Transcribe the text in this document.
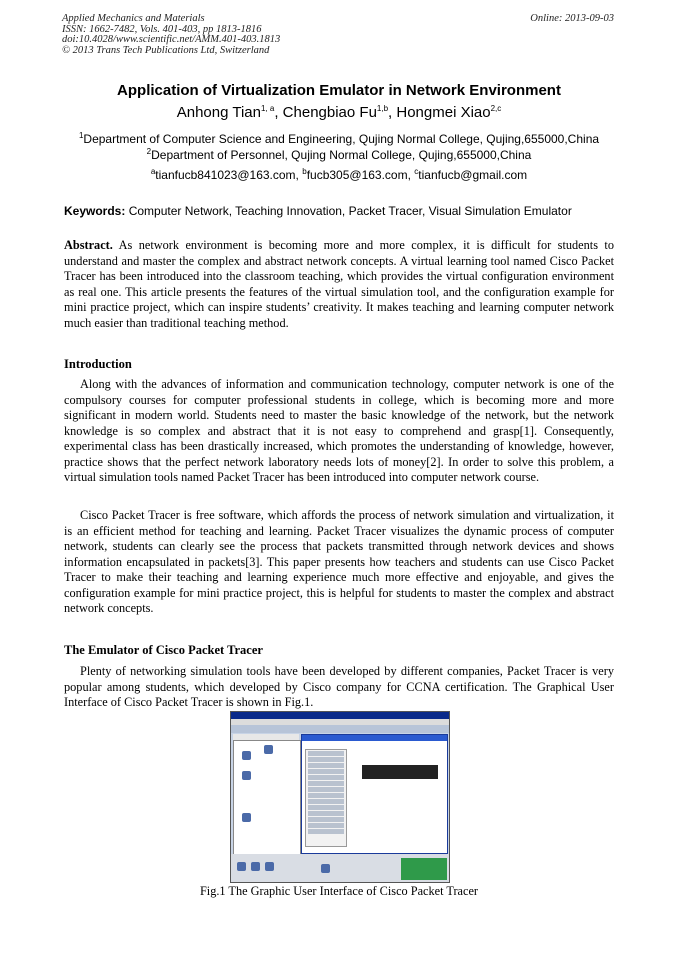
Applied Mechanics and Materials
ISSN: 1662-7482, Vols. 401-403, pp 1813-1816
doi:10.4028/www.scientific.net/AMM.401-403.1813
© 2013 Trans Tech Publications Ltd, Switzerland
Online: 2013-09-03
Application of Virtualization Emulator in Network Environment
Anhong Tian$^{1, a}$, Chengbiao Fu$^{1,b}$, Hongmei Xiao$^{2,c}$
$^1$Department of Computer Science and Engineering, Qujing Normal College, Qujing,655000,China
$^2$Department of Personnel, Qujing Normal College, Qujing,655000,China
$^a$tianfucb841023@163.com, $^b$fucb305@163.com, $^c$tianfucb@gmail.com
Keywords: Computer Network, Teaching Innovation, Packet Tracer, Visual Simulation Emulator
Abstract. As network environment is becoming more and more complex, it is difficult for students to understand and master the complex and abstract network concepts. A virtual learning tool named Cisco Packet Tracer has been introduced into the classroom teaching, which provides the virtual configuration environment as real one. This article presents the features of the virtual simulation tool, and the configuration example for mini practice project, which can inspire students’ creativity. It makes teaching and learning computer network much easier than traditional teaching method.
Introduction
Along with the advances of information and communication technology, computer network is one of the compulsory courses for computer professional students in college, which is becoming more and more significant in modern world. Students need to master the basic knowledge of the network, but the network knowledge is so complex and abstract that it is not easy to comprehend and grasp[1]. Consequently, experimental class has been drastically increased, which promotes the understanding of knowledge, however, practice shows that the perfect network laboratory needs lots of money[2]. In order to solve this problem, a virtual simulation tools named Packet Tracer has been introduced into computer network course.
Cisco Packet Tracer is free software, which affords the process of network simulation and virtualization, it is an efficient method for teaching and learning. Packet Tracer visualizes the dynamic process of computer network, students can clearly see the process that packets transmitted through network devices and shows information encapsulated in packets[3]. This paper presents how teachers and students can use Cisco Packet Tracer to make their teaching and learning experience much more effective and enjoyable, and gives the configuration example for mini practice project, this is helpful for students to master the complex and abstract network concepts.
The Emulator of Cisco Packet Tracer
Plenty of networking simulation tools have been developed by different companies, Packet Tracer is very popular among students, which developed by Cisco company for CCNA certification. The Graphical User Interface of Cisco Packet Tracer is shown in Fig.1.
Fig.1 The Graphic User Interface of Cisco Packet Tracer
